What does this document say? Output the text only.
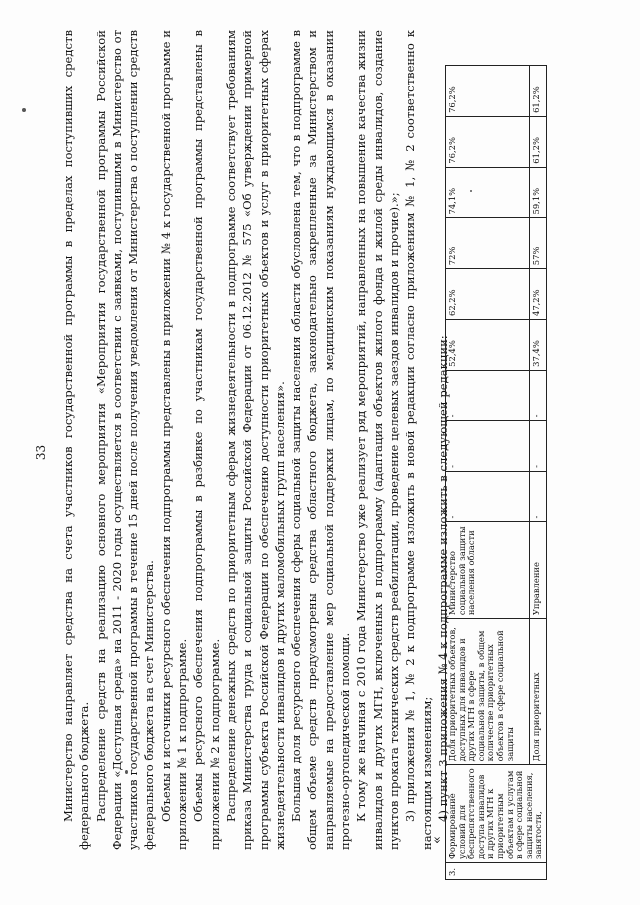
33 Министерство направляет средства на счета участников государственной программы в пределах поступивших средств федерального бюджета. Распределение средств на реализацию основного мероприятия «Мероприятия государственной программы Российской Федерации «Доступная среда» на 2011 - 2020 годы осуществляется в соответствии с заявками, поступившими в Министерство от участников государственной программы в течение 15 дней после получения уведомления от Министерства о поступлении средств федерального бюджета на счет Министерства. Объемы и источники ресурсного обеспечения подпрограммы представлены в приложении № 4 к государственной программе и приложении № 1 к подпрограмме. Объемы ресурсного обеспечения подпрограммы в разбивке по участникам государственной программы представлены в приложении № 2 к подпрограмме. Распределение денежных средств по приоритетным сферам жизнедеятельности в подпрограмме соответствует требованиям приказа Министерства труда и социальной защиты Российской Федерации от 06.12.2012 № 575 «Об утверждении примерной программы субъекта Российской Федерации по обеспечению доступности приоритетных объектов и услуг в приоритетных сферах жизнедеятельности инвалидов и других маломобильных групп населения». Большая доля ресурсного обеспечения сферы социальной защиты населения области обусловлена тем, что в подпрограмме в общем объеме средств предусмотрены средства областного бюджета, законодательно закрепленные за Министерством и направляемые на предоставление мер социальной поддержки лицам, по медицинским показаниям нуждающимся в оказании протезно-ортопедической помощи. К тому же начиная с 2010 года Министерство уже реализует ряд мероприятий, направленных на повышение качества жизни инвалидов и других МГН, включенных в подпрограмму (адаптация объектов жилого фонда и жилой среды инвалидов, создание пунктов проката технических средств реабилитации, проведение целевых заездов инвалидов и прочие).»; 3) приложения № 1, № 2 к подпрограмме изложить в новой редакции согласно приложениям № 1, № 2 соответственно к настоящим изменениям; 4) пункт 3 приложения № 4 к подпрограмме изложить в следующей редакции:

«
3.	Формирование условий для беспрепятственного доступа инвалидов и других МГН к приоритетным объектам и услугам в сфере социальной защиты населения, занятости,	Доля приоритетных объектов, доступных для инвалидов и других МГН в сфере социальной защиты, в общем количестве приоритетных объектов в сфере социальной защиты	Министерство социальной защиты населения области	-	-	-	52,4%	62,2%	72%	74,1%	76,2%	76,2%
		Доля приоритетных	Управление	-	-	-	37,4%	47,2%	57%	59,1%	61,2%	61,2%
